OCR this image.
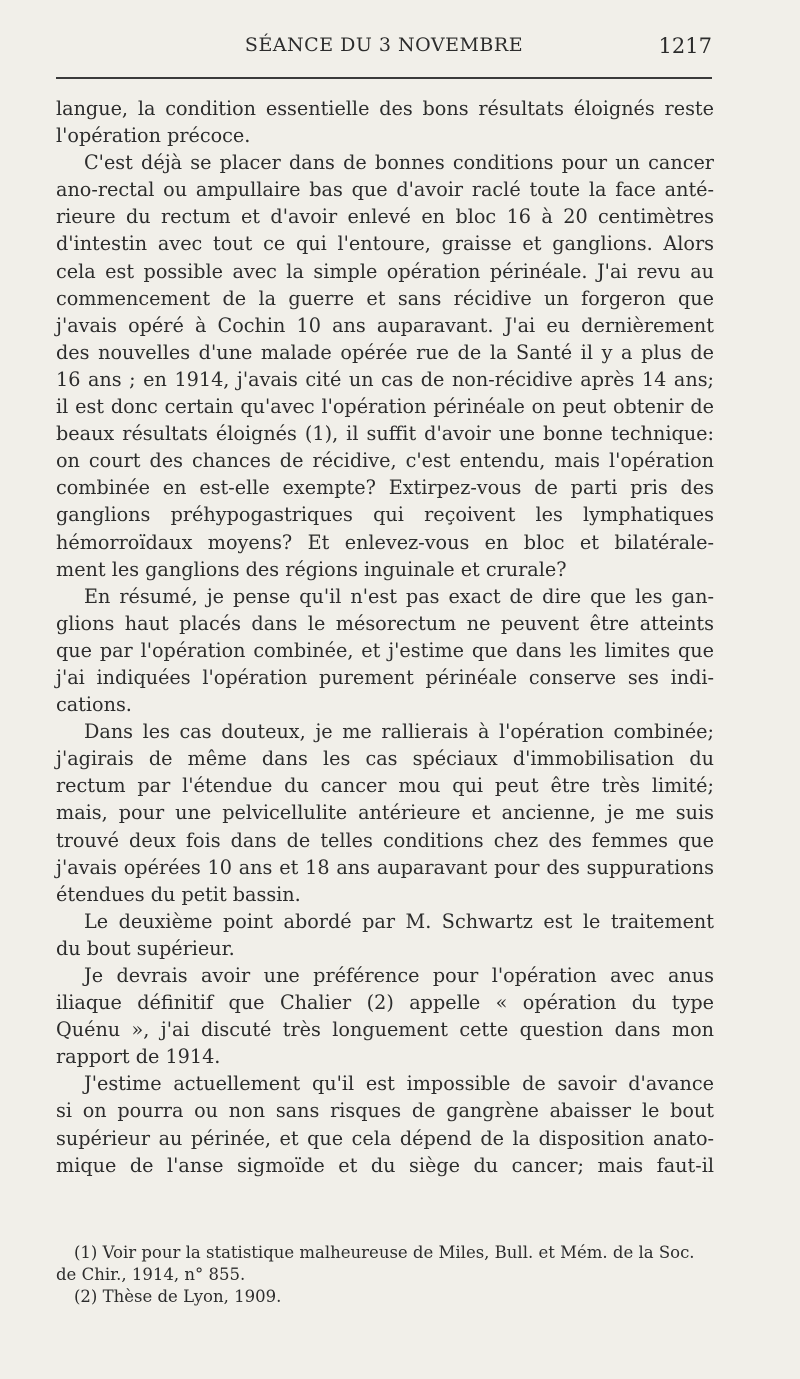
SÉANCE DU 3 NOVEMBRE	1217
langue, la condition essentielle des bons résultats éloignés reste
l'opération précoce.
C'est déjà se placer dans de bonnes conditions pour un cancer
ano-rectal ou ampullaire bas que d'avoir raclé toute la face anté-
rieure du rectum et d'avoir enlevé en bloc 16 à 20 centimètres
d'intestin avec tout ce qui l'entoure, graisse et ganglions. Alors
cela est possible avec la simple opération périnéale. J'ai revu au
commencement de la guerre et sans récidive un forgeron que
j'avais opéré à Cochin 10 ans auparavant. J'ai eu dernièrement
des nouvelles d'une malade opérée rue de la Santé il y a plus de
16 ans ; en 1914, j'avais cité un cas de non-récidive après 14 ans;
il est donc certain qu'avec l'opération périnéale on peut obtenir de
beaux résultats éloignés (1), il suffit d'avoir une bonne technique:
on court des chances de récidive, c'est entendu, mais l'opération
combinée en est-elle exempte? Extirpez-vous de parti pris des
ganglions préhypogastriques qui reçoivent les lymphatiques
hémorroïdaux moyens? Et enlevez-vous en bloc et bilatérale-
ment les ganglions des régions inguinale et crurale?
En résumé, je pense qu'il n'est pas exact de dire que les gan-
glions haut placés dans le mésorectum ne peuvent être atteints
que par l'opération combinée, et j'estime que dans les limites que
j'ai indiquées l'opération purement périnéale conserve ses indi-
cations.
Dans les cas douteux, je me rallierais à l'opération combinée;
j'agirais de même dans les cas spéciaux d'immobilisation du
rectum par l'étendue du cancer mou qui peut être très limité;
mais, pour une pelvicellulite antérieure et ancienne, je me suis
trouvé deux fois dans de telles conditions chez des femmes que
j'avais opérées 10 ans et 18 ans auparavant pour des suppurations
étendues du petit bassin.
Le deuxième point abordé par M. Schwartz est le traitement
du bout supérieur.
Je devrais avoir une préférence pour l'opération avec anus
iliaque définitif que Chalier (2) appelle « opération du type
Quénu », j'ai discuté très longuement cette question dans mon
rapport de 1914.
J'estime actuellement qu'il est impossible de savoir d'avance
si on pourra ou non sans risques de gangrène abaisser le bout
supérieur au périnée, et que cela dépend de la disposition anato-
mique de l'anse sigmoïde et du siège du cancer; mais faut-il
(1) Voir pour la statistique malheureuse de Miles, Bull. et Mém. de la Soc.
de Chir., 1914, n° 855.
(2) Thèse de Lyon, 1909.
